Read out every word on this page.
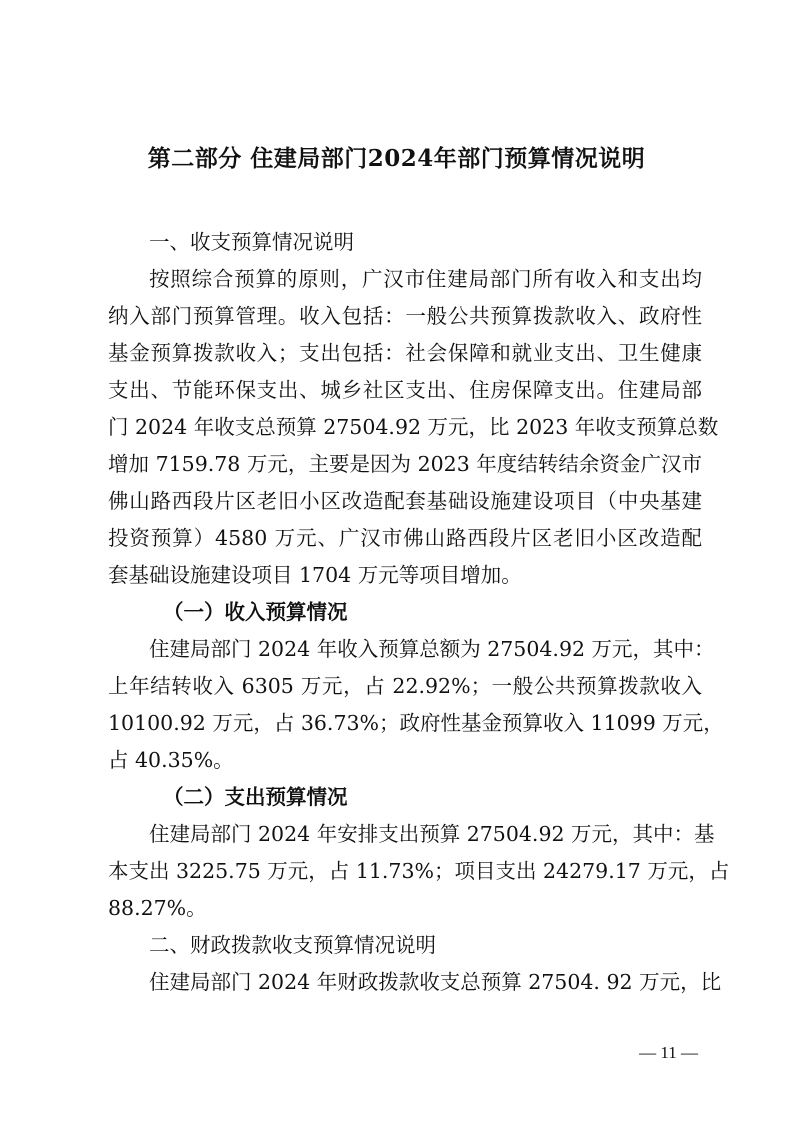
第二部分 住建局部门2024年部门预算情况说明
一、收支预算情况说明
按照综合预算的原则，广汉市住建局部门所有收入和支出均
纳入部门预算管理。收入包括：一般公共预算拨款收入、政府性
基金预算拨款收入；支出包括：社会保障和就业支出、卫生健康
支出、节能环保支出、城乡社区支出、住房保障支出。住建局部
门 2024 年收支总预算 27504.92 万元，比 2023 年收支预算总数
增加 7159.78 万元，主要是因为 2023 年度结转结余资金广汉市
佛山路西段片区老旧小区改造配套基础设施建设项目（中央基建
投资预算）4580 万元、广汉市佛山路西段片区老旧小区改造配
套基础设施建设项目 1704 万元等项目增加。
（一）收入预算情况
住建局部门 2024 年收入预算总额为 27504.92 万元，其中：
上年结转收入 6305 万元，占 22.92%；一般公共预算拨款收入
10100.92 万元，占 36.73%；政府性基金预算收入 11099 万元，
占 40.35%。
（二）支出预算情况
住建局部门 2024 年安排支出预算 27504.92 万元，其中：基
本支出 3225.75 万元，占 11.73%；项目支出 24279.17 万元，占
88.27%。
二、财政拨款收支预算情况说明
住建局部门 2024 年财政拨款收支总预算 27504. 92 万元，比
— 11 —
